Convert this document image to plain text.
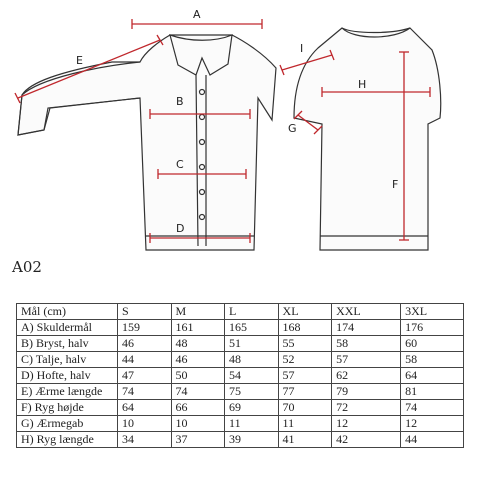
A
B
C
D
E
F
G
H
I
A02
Mål (cm)	S	M	L	XL	XXL	3XL
A) Skuldermål	159	161	165	168	174	176
B) Bryst, halv	46	48	51	55	58	60
C) Talje, halv	44	46	48	52	57	58
D) Hofte, halv	47	50	54	57	62	64
E) Ærme længde	74	74	75	77	79	81
F) Ryg højde	64	66	69	70	72	74
G) Ærmegab	10	10	11	11	12	12
H) Ryg længde	34	37	39	41	42	44
